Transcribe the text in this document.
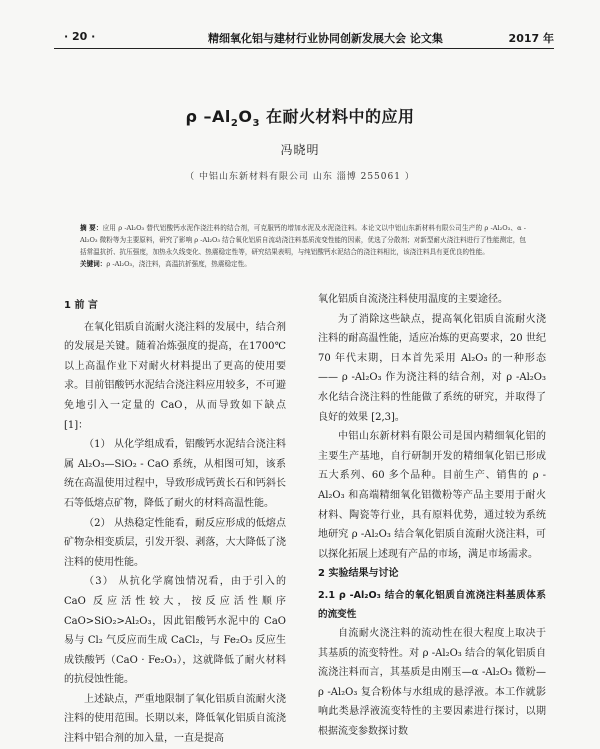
· 20 ·	精细氧化铝与建材行业协同创新发展大会 论文集	2017 年
ρ $-Al_2O_3$ 在耐火材料中的应用
冯晓明
（ 中铝山东新材料有限公司 山东 淄博 255061 ）
摘 要：应用 ρ -Al₂O₃ 替代铝酸钙水泥作浇注料的结合剂，可克服钙的增加水泥及水泥浇注料。本论文以中铝山东新材料有限公司生产的 ρ -Al₂O₃、α -Al₂O₃ 微粉等为主要原料，研究了影响 ρ -Al₂O₃ 结合氧化铝质自流动浇注料基质流变性能的因素，优选了分散剂；对新型耐火浇注料进行了性能测定，包括常温抗折、抗压强度，加热永久线变化、热震稳定性等，研究结果表明，与纯铝酸钙水泥结合的浇注料相比，该浇注料具有更优良的性能。
关键词：ρ -Al₂O₃，浇注料，高温抗折强度，热震稳定性。
1 前 言

在氧化铝质自流耐火浇注料的发展中，结合剂的发展是关键。随着冶炼强度的提高，在1700℃以上高温作业下对耐火材料提出了更高的使用要求。目前铝酸钙水泥结合浇注料应用较多，不可避免地引入一定量的 CaO，从而导致如下缺点 [1]：

（1） 从化学组成看，铝酸钙水泥结合浇注料属 Al₂O₃—SiO₂ - CaO 系统，从相图可知，该系统在高温使用过程中，导致形成钙黄长石和钙斜长石等低熔点矿物，降低了耐火的材料高温性能。

（2） 从热稳定性能看，耐反应形成的低熔点矿物杂相变质层，引发开裂、剥落，大大降低了浇注料的使用性能。

（3） 从抗化学腐蚀情况看，由于引入的 CaO 反应活性较大，按反应活性顺序 CaO>SiO₂>Al₂O₃，因此铝酸钙水泥中的 CaO 易与 Cl₂ 气反应而生成 CaCl₂，与 Fe₂O₃ 反应生成铁酸钙（CaO · Fe₂O₃），这就降低了耐火材料的抗侵蚀性能。

上述缺点，严重地限制了氧化铝质自流耐火浇注料的使用范围。长期以来，降低氧化铝质自流浇注料中铝合剂的加入量，一直是提高

氧化铝质自流浇注料使用温度的主要途径。

为了消除这些缺点，提高氧化铝质自流耐火浇注料的耐高温性能，适应冶炼的更高要求，20 世纪 70 年代末期，日本首先采用 Al₂O₃ 的一种形态—— ρ -Al₂O₃ 作为浇注料的结合剂，对 ρ -Al₂O₃ 水化结合浇注料的性能做了系统的研究，并取得了良好的效果 [2,3]。

中铝山东新材料有限公司是国内精细氧化铝的主要生产基地，自行研制开发的精细氧化铝已形成五大系列、60 多个品种。目前生产、销售的 ρ -Al₂O₃ 和高端精细氧化铝微粉等产品主要用于耐火材料、陶瓷等行业，具有原料优势，通过较为系统地研究 ρ -Al₂O₃ 结合氧化铝质自流耐火浇注料，可以探化拓展上述现有产品的市场，满足市场需求。

2 实验结果与讨论
2.1 ρ -Al₂O₃ 结合的氧化铝质自流浇注料基质体系的流变性

自流耐火浇注料的流动性在很大程度上取决于其基质的流变特性。对 ρ -Al₂O₃ 结合的氧化铝质自流浇注料而言，其基质是由刚玉—α -Al₂O₃ 微粉— ρ -Al₂O₃ 复合粉体与水组成的悬浮液。本工作就影响此类悬浮液流变特性的主要因素进行探讨，以期根据流变参数探讨数
